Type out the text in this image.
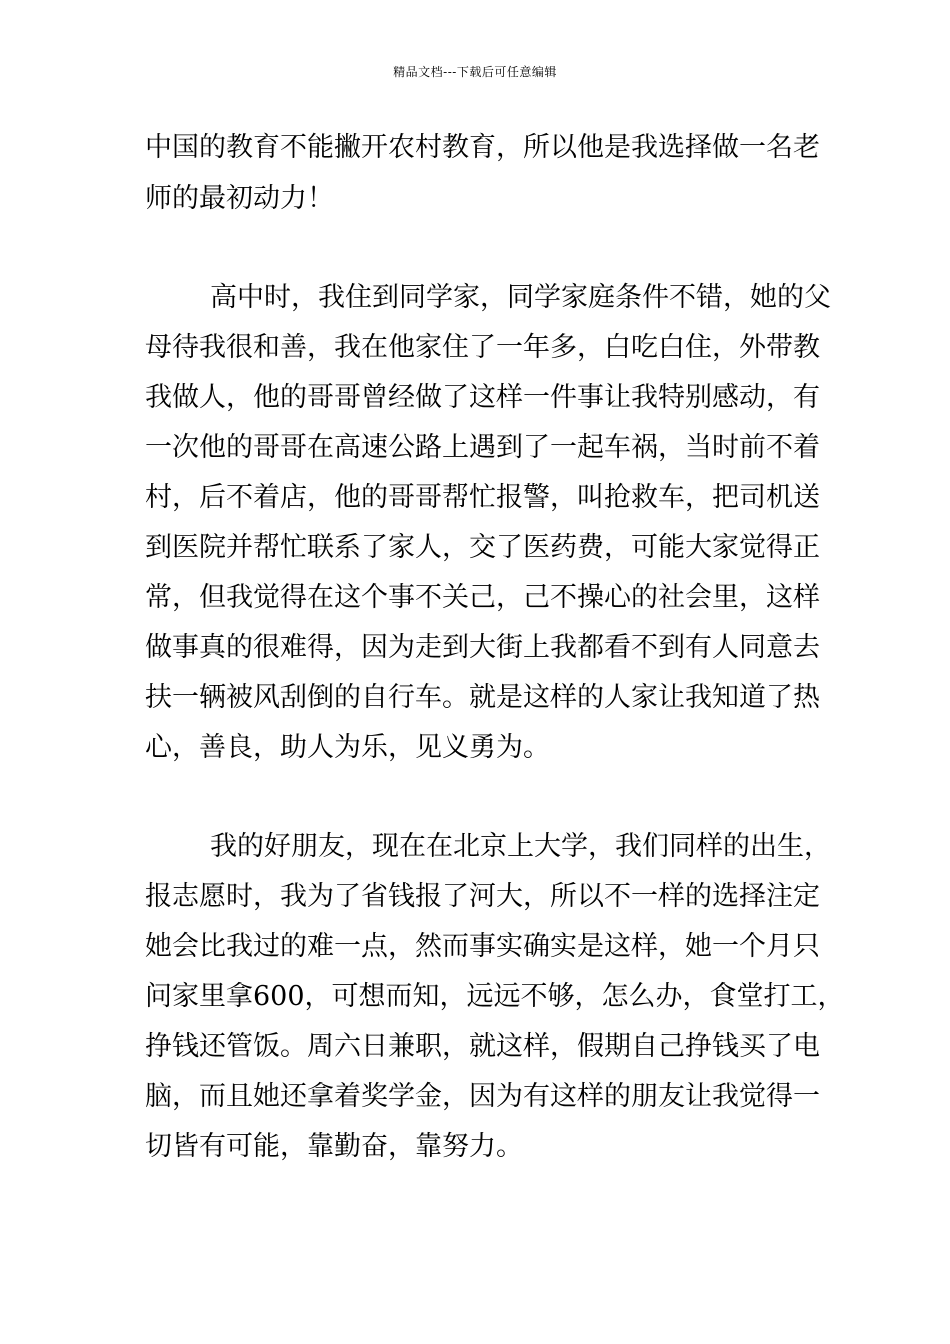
精品文档---下载后可任意编辑
中国的教育不能撇开农村教育，所以他是我选择做一名老
师的最初动力！
高中时，我住到同学家，同学家庭条件不错，她的父
母待我很和善，我在他家住了一年多，白吃白住，外带教
我做人，他的哥哥曾经做了这样一件事让我特别感动，有
一次他的哥哥在高速公路上遇到了一起车祸，当时前不着
村，后不着店，他的哥哥帮忙报警，叫抢救车，把司机送
到医院并帮忙联系了家人，交了医药费，可能大家觉得正
常，但我觉得在这个事不关己，己不操心的社会里，这样
做事真的很难得，因为走到大街上我都看不到有人同意去
扶一辆被风刮倒的自行车。就是这样的人家让我知道了热
心，善良，助人为乐，见义勇为。
我的好朋友，现在在北京上大学，我们同样的出生，
报志愿时，我为了省钱报了河大，所以不一样的选择注定
她会比我过的难一点，然而事实确实是这样，她一个月只
问家里拿600，可想而知，远远不够，怎么办，食堂打工，
挣钱还管饭。周六日兼职，就这样，假期自己挣钱买了电
脑，而且她还拿着奖学金，因为有这样的朋友让我觉得一
切皆有可能，靠勤奋，靠努力。
